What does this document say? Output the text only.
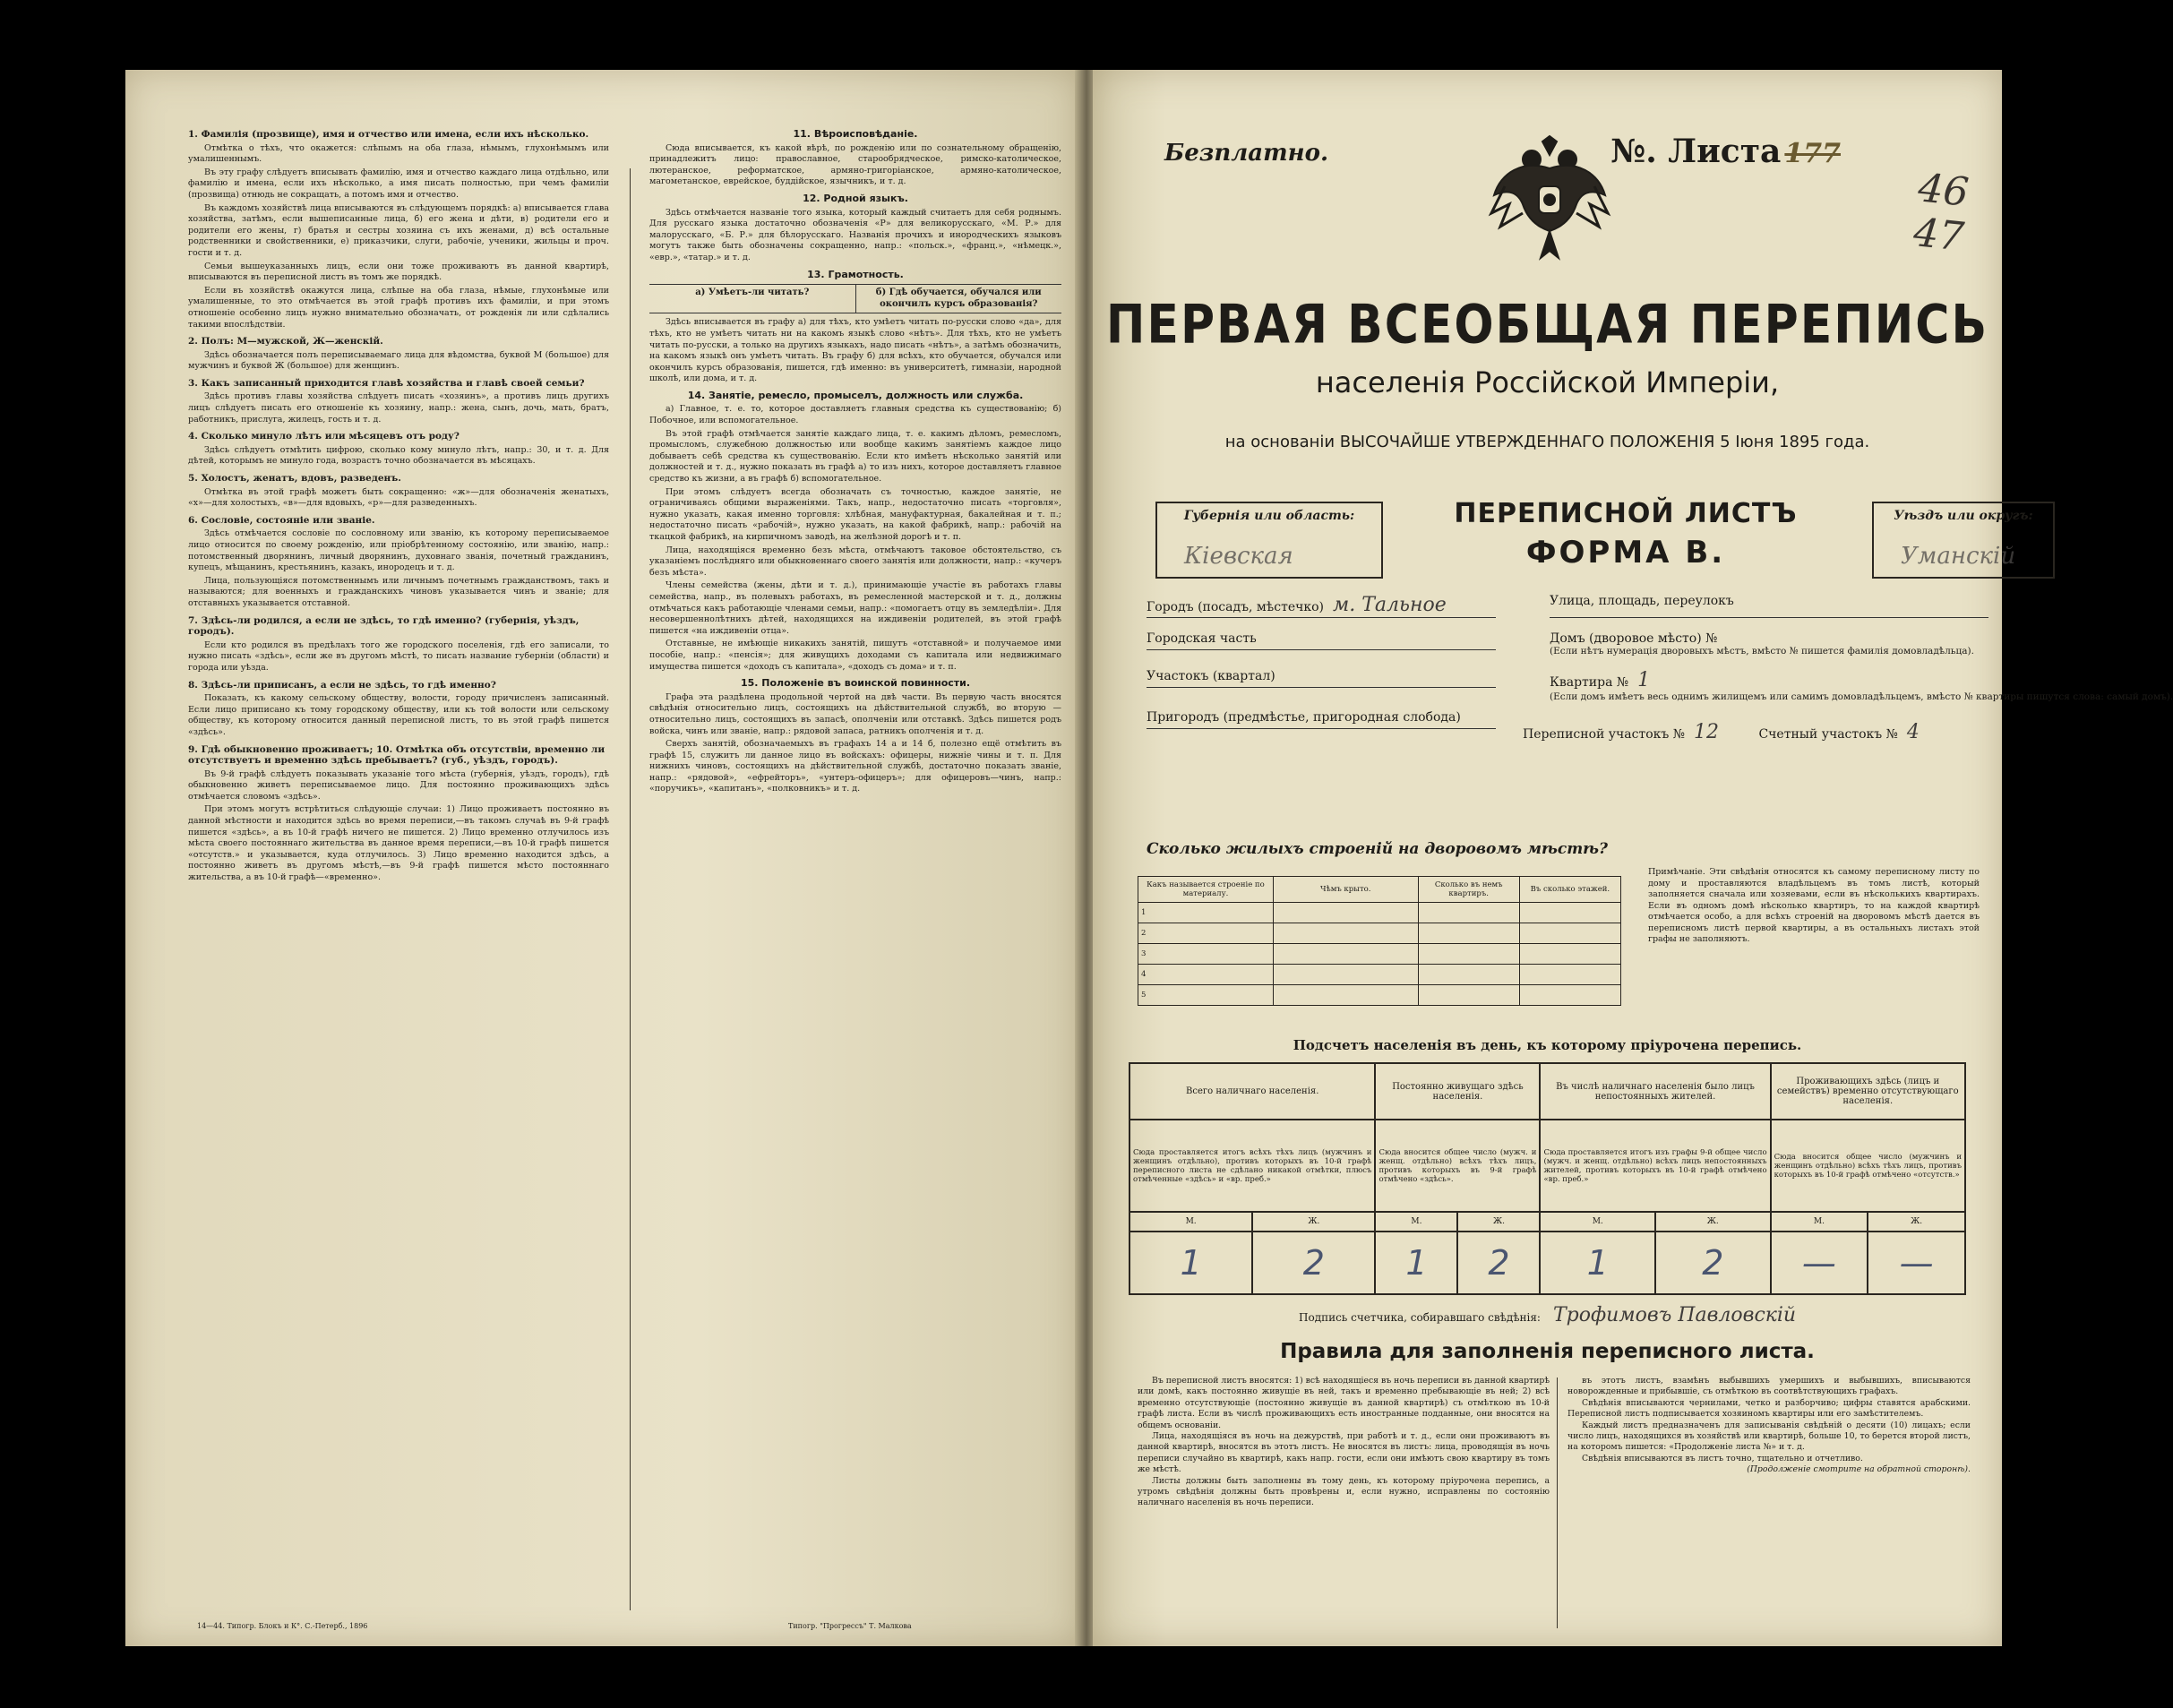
1. Фамилія (прозвище), имя и отчество или имена, если ихъ нѣсколько.

Отмѣтка о тѣхъ, что окажется: слѣпымъ на оба глаза, нѣмымъ, глухонѣмымъ или умалишеннымъ.

Въ эту графу слѣдуетъ вписывать фамилію, имя и отчество каждаго лица отдѣльно, или фамилію и имена, если ихъ нѣсколько, а имя писать полностью, при чемъ фамиліи (прозвища) отнюдь не сокращать, а потомъ имя и отчество.

Въ каждомъ хозяйствѣ лица вписываются въ слѣдующемъ порядкѣ: а) вписывается глава хозяйства, затѣмъ, если вышеписанные лица, б) его жена и дѣти, в) родители его и родители его жены, г) братья и сестры хозяина съ ихъ женами, д) всѣ остальные родственники и свойственники, е) приказчики, слуги, рабочіе, ученики, жильцы и проч. гости и т. д.

Семьи вышеуказанныхъ лицъ, если они тоже проживаютъ въ данной квартирѣ, вписываются въ переписной листъ въ томъ же порядкѣ.

Если въ хозяйствѣ окажутся лица, слѣпые на оба глаза, нѣмые, глухонѣмые или умалишенные, то это отмѣчается въ этой графѣ противъ ихъ фамиліи, и при этомъ отношеніе особенно лицъ нужно внимательно обозначать, от рожденія ли или сдѣлались такими впослѣдствіи.

2. Полъ: М—мужской, Ж—женскій.

Здѣсь обозначается полъ переписываемаго лица для вѣдомства, буквой М (большое) для мужчинъ и буквой Ж (большое) для женщинъ.

3. Какъ записанный приходится главѣ хозяйства и главѣ своей семьи?

Здѣсь противъ главы хозяйства слѣдуетъ писать «хозяинъ», а противъ лицъ другихъ лицъ слѣдуетъ писать его отношеніе къ хозяину, напр.: жена, сынъ, дочь, мать, братъ, работникъ, прислуга, жилецъ, гость и т. д.

4. Сколько минуло лѣтъ или мѣсяцевъ отъ роду?

Здѣсь слѣдуетъ отмѣтить цифрою, сколько кому минуло лѣтъ, напр.: 30, и т. д. Для дѣтей, которымъ не минуло года, возрастъ точно обозначается въ мѣсяцахъ.

5. Холостъ, женатъ, вдовъ, разведенъ.

Отмѣтка въ этой графѣ можетъ быть сокращенно: «ж»—для обозначенія женатыхъ, «х»—для холостыхъ, «в»—для вдовыхъ, «р»—для разведенныхъ.

6. Сословіе, состояніе или званіе.

Здѣсь отмѣчается сословіе по сословному или званію, къ которому переписываемое лицо относится по своему рожденію, или пріобрѣтенному состоянію, или званію, напр.: потомственный дворянинъ, личный дворянинъ, духовнаго званія, почетный гражданинъ, купецъ, мѣщанинъ, крестьянинъ, казакъ, инородецъ и т. д.

Лица, пользующіяся потомственнымъ или личнымъ почетнымъ гражданствомъ, такъ и называются; для военныхъ и гражданскихъ чиновъ указывается чинъ и званіе; для отставныхъ указывается отставной.

7. Здѣсь-ли родился, а если не здѣсь, то гдѣ именно? (губернія, уѣздъ, городъ).

Если кто родился въ предѣлахъ того же городского поселенія, гдѣ его записали, то нужно писать «здѣсь», если же въ другомъ мѣстѣ, то писать название губерніи (области) и города или уѣзда.

8. Здѣсь-ли приписанъ, а если не здѣсь, то гдѣ именно?

Показать, къ какому сельскому обществу, волости, городу причисленъ записанный. Если лицо приписано къ тому городскому обществу, или къ той волости или сельскому обществу, къ которому относится данный переписной листъ, то въ этой графѣ пишется «здѣсь».

9. Гдѣ обыкновенно проживаетъ; 10. Отмѣтка объ отсутствіи, временно ли отсутствуетъ и временно здѣсь пребываетъ? (губ., уѣздъ, городъ).

Въ 9-й графѣ слѣдуетъ показывать указаніе того мѣста (губернія, уѣздъ, городъ), гдѣ обыкновенно живетъ переписываемое лицо. Для постоянно проживающихъ здѣсь отмѣчается словомъ «здѣсь».

При этомъ могутъ встрѣтиться слѣдующіе случаи: 1) Лицо проживаетъ постоянно въ данной мѣстности и находится здѣсь во время переписи,—въ такомъ случаѣ въ 9-й графѣ пишется «здѣсь», а въ 10-й графѣ ничего не пишется. 2) Лицо временно отлучилось изъ мѣста своего постояннаго жительства въ данное время переписи,—въ 10-й графѣ пишется «отсутств.» и указывается, куда отлучилось. 3) Лицо временно находится здѣсь, а постоянно живетъ въ другомъ мѣстѣ,—въ 9-й графѣ пишется мѣсто постояннаго жительства, а въ 10-й графѣ—«временно».

11. Вѣроисповѣданіе.

Сюда вписывается, къ какой вѣрѣ, по рожденію или по сознательному обращенію, принадлежитъ лицо: православное, старообрядческое, римско-католическое, лютеранское, реформатское, армяно-григоріанское, армяно-католическое, магометанское, еврейское, буддійское, язычникъ, и т. д.

12. Родной языкъ.

Здѣсь отмѣчается названіе того языка, который каждый считаетъ для себя роднымъ. Для русскаго языка достаточно обозначенія «Р» для великорусскаго, «М. Р.» для малорусскаго, «Б. Р.» для бѣлорусскаго. Названія прочихъ и инородческихъ языковъ могутъ также быть обозначены сокращенно, напр.: «польск.», «франц.», «нѣмецк.», «евр.», «татар.» и т. д.

13. Грамотность.
а) Умѣетъ-ли читать?	б) Гдѣ обучается, обучался или окончилъ курсъ образованія?

Здѣсь вписывается въ графу а) для тѣхъ, кто умѣетъ читать по-русски слово «да», для тѣхъ, кто не умѣетъ читать ни на какомъ языкѣ слово «нѣтъ». Для тѣхъ, кто не умѣетъ читать по-русски, а только на другихъ языкахъ, надо писать «нѣтъ», а затѣмъ обозначить, на какомъ языкѣ онъ умѣетъ читать. Въ графу б) для всѣхъ, кто обучается, обучался или окончилъ курсъ образованія, пишется, гдѣ именно: въ университетѣ, гимназіи, народной школѣ, или дома, и т. д.

14. Занятіе, ремесло, промыселъ, должность или служба.

а) Главное, т. е. то, которое доставляетъ главныя средства къ существованію; б) Побочное, или вспомогательное.

Въ этой графѣ отмѣчается занятіе каждаго лица, т. е. какимъ дѣломъ, ремесломъ, промысломъ, служебною должностью или вообще какимъ занятіемъ каждое лицо добываетъ себѣ средства къ существованію. Если кто имѣетъ нѣсколько занятій или должностей и т. д., нужно показать въ графѣ а) то изъ нихъ, которое доставляетъ главное средство къ жизни, а въ графѣ б) вспомогательное.

При этомъ слѣдуетъ всегда обозначать съ точностью, каждое занятіе, не ограничиваясь общими выраженіями. Такъ, напр., недостаточно писать «торговля», нужно указать, какая именно торговля: хлѣбная, мануфактурная, бакалейная и т. п.; недостаточно писать «рабочій», нужно указать, на какой фабрикѣ, напр.: рабочій на ткацкой фабрикѣ, на кирпичномъ заводѣ, на желѣзной дорогѣ и т. п.

Лица, находящіяся временно безъ мѣста, отмѣчаютъ таковое обстоятельство, съ указаніемъ послѣдняго или обыкновеннаго своего занятія или должности, напр.: «кучеръ безъ мѣста».

Члены семейства (жены, дѣти и т. д.), принимающіе участіе въ работахъ главы семейства, напр., въ полевыхъ работахъ, въ ремесленной мастерской и т. д., должны отмѣчаться какъ работающіе членами семьи, напр.: «помогаетъ отцу въ земледѣліи». Для несовершеннолѣтнихъ дѣтей, находящихся на иждивеніи родителей, въ этой графѣ пишется «на иждивеніи отца».

Отставные, не имѣющіе никакихъ занятій, пишутъ «отставной» и получаемое ими пособіе, напр.: «пенсія»; для живущихъ доходами съ капитала или недвижимаго имущества пишется «доходъ съ капитала», «доходъ съ дома» и т. п.

15. Положеніе въ воинской повинности.

Графа эта раздѣлена продольной чертой на двѣ части. Въ первую часть вносятся свѣдѣнія относительно лицъ, состоящихъ на дѣйствительной службѣ, во вторую — относительно лицъ, состоящихъ въ запасѣ, ополченіи или отставкѣ. Здѣсь пишется родъ войска, чинъ или званіе, напр.: рядовой запаса, ратникъ ополченія и т. д.

Сверхъ занятій, обозначаемыхъ въ графахъ 14 а и 14 б, полезно ещё отмѣтить въ графѣ 15, служитъ ли данное лицо въ войскахъ: офицеры, нижніе чины и т. п. Для нижнихъ чиновъ, состоящихъ на дѣйствительной службѣ, достаточно показать званіе, напр.: «рядовой», «ефрейторъ», «унтеръ-офицеръ»; для офицеровъ—чинъ, напр.: «поручикъ», «капитанъ», «полковникъ» и т. д.

14—44. Типогр. Блокъ и К°. С.-Петерб., 1896	Типогр. "Прогрессъ" Т. Малкова
Безплатно.	№. Листа 177
46
47
ПЕРВАЯ ВСЕОБЩАЯ ПЕРЕПИСЬ
населенія Россійской Имперіи,
на основаніи ВЫСОЧАЙШЕ УТВЕРЖДЕННАГО ПОЛОЖЕНІЯ 5 Іюня 1895 года.
Губернія или область:
Кіевская
ПЕРЕПИСНОЙ ЛИСТЪ
ФОРМА В.
Уѣздъ или округъ:
Уманскій
Городъ (посадъ, мѣстечко) м. Тальное	Улица, площадь, переулокъ
Городская часть	Домъ (дворовое мѣсто) №
(Если нѣтъ нумерація дворовыхъ мѣстъ, вмѣсто № пишется фамилія домовладѣльца).
Участокъ (квартал)	Квартира № 1
(Если домъ имѣетъ весь однимъ жилищемъ или самимъ домовладѣльцемъ, вмѣсто № квартиры пишутся слова: самый домъ).
Пригородъ (предмѣстье, пригородная слобода)
Переписной участокъ № 12	Счетный участокъ № 4
Сколько жилыхъ строеній на дворовомъ мѣстѣ?
Какъ называется строеніе по материалу.	Чѣмъ крыто.	Сколько въ немъ квартиръ.	Въ сколько этажей.
1			
2			
3			
4			
5			
Примѣчаніе. Эти свѣдѣнія относятся къ самому переписному листу по дому и проставляются владѣльцемъ въ томъ листѣ, который заполняется сначала или хозяевами, если въ нѣсколькихъ квартирахъ. Если въ одномъ домѣ нѣсколько квартиръ, то на каждой квартирѣ отмѣчается особо, а для всѣхъ строеній на дворовомъ мѣстѣ дается въ переписномъ листѣ первой квартиры, а въ остальныхъ листахъ этой графы не заполняютъ.
Подсчетъ населенія въ день, къ которому пріурочена перепись.
Всего наличнаго населенія.		Постоянно живущаго здѣсь населенія.		Въ числѣ наличнаго населенія было лицъ непостоянныхъ жителей.		Проживающихъ здѣсь (лицъ и семействъ) временно отсутствующаго населенія.	
Сюда проставляется итогъ всѣхъ тѣхъ лицъ (мужчинъ и женщинъ отдѣльно), противъ которыхъ въ 10-й графѣ переписного листа не сдѣлано никакой отмѣтки, плюсъ отмѣченные «здѣсь» и «вр. преб.»		Сюда вносится общее число (мужч. и женщ. отдѣльно) всѣхъ тѣхъ лицъ, противъ которыхъ въ 9-й графѣ отмѣчено «здѣсь».		Сюда проставляется итогъ изъ графы 9-й общее число (мужч. и женщ. отдѣльно) всѣхъ лицъ непостоянныхъ жителей, противъ которыхъ въ 10-й графѣ отмѣчено «вр. преб.»		Сюда вносится общее число (мужчинъ и женщинъ отдѣльно) всѣхъ тѣхъ лицъ, противъ которыхъ въ 10-й графѣ отмѣчено «отсутств.»	
М.	Ж.	М.	Ж.	М.	Ж.	М.	Ж.
1	2	1	2	1	2	—	—
Подпись счетчика, собиравшаго свѣдѣнія: Трофимовъ Павловскій
Правила для заполненія переписного листа.

Въ переписной листъ вносятся: 1) всѣ находящіеся въ ночь переписи въ данной квартирѣ или домѣ, какъ постоянно живущіе въ ней, такъ и временно пребывающіе въ ней; 2) всѣ временно отсутствующіе (постоянно живущіе въ данной квартирѣ) съ отмѣткою въ 10-й графѣ листа. Если въ числѣ проживающихъ есть иностранные подданные, они вносятся на общемъ основаніи.

Лица, находящіяся въ ночь на дежурствѣ, при работѣ и т. д., если они проживаютъ въ данной квартирѣ, вносятся въ этотъ листъ. Не вносятся въ листъ: лица, проводящія въ ночь переписи случайно въ квартирѣ, какъ напр. гости, если они имѣютъ свою квартиру въ томъ же мѣстѣ.

Листы должны быть заполнены въ тому день, къ которому пріурочена перепись, а утромъ свѣдѣнія должны быть провѣрены и, если нужно, исправлены по состоянію наличнаго населенія въ ночь переписи.

въ этотъ листъ, взамѣнъ выбывшихъ умершихъ и выбывшихъ, вписываются новорожденные и прибывшіе, съ отмѣткою въ соотвѣтствующихъ графахъ.

Свѣдѣнія вписываются чернилами, четко и разборчиво; цифры ставятся арабскими. Переписной листъ подписывается хозяиномъ квартиры или его замѣстителемъ.

Каждый листъ предназначенъ для записыванія свѣдѣній о десяти (10) лицахъ; если число лицъ, находящихся въ хозяйствѣ или квартирѣ, больше 10, то берется второй листъ, на которомъ пишется: «Продолженіе листа №» и т. д.

Свѣдѣнія вписываются въ листъ точно, тщательно и отчетливо.

(Продолженіе смотрите на обратной сторонѣ).
